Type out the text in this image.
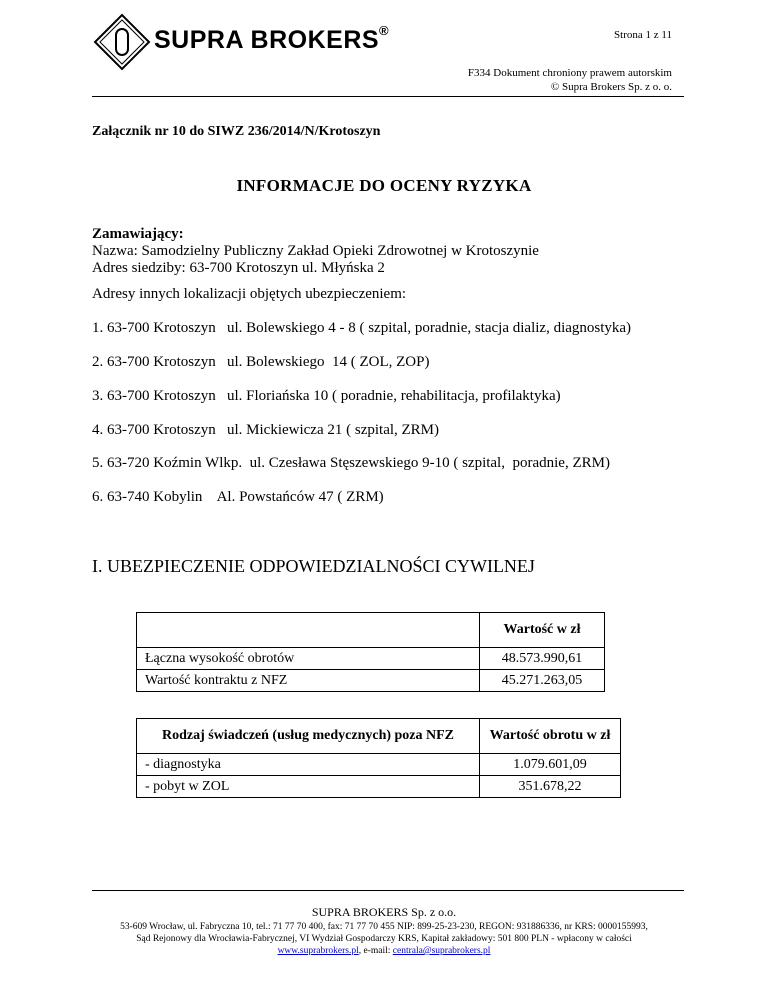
SUPRA BROKERS®	Strona 1 z 11
F334 Dokument chroniony prawem autorskim
© Supra Brokers Sp. z o. o.
Załącznik nr 10 do SIWZ 236/2014/N/Krotoszyn
INFORMACJE DO OCENY RYZYKA
Zamawiający:
Nazwa: Samodzielny Publiczny Zakład Opieki Zdrowotnej w Krotoszynie
Adres siedziby: 63-700 Krotoszyn ul. Młyńska 2
Adresy innych lokalizacji objętych ubezpieczeniem:
1. 63-700 Krotoszyn   ul. Bolewskiego 4 - 8 ( szpital, poradnie, stacja dializ, diagnostyka)
2. 63-700 Krotoszyn   ul. Bolewskiego  14 ( ZOL, ZOP)
3. 63-700 Krotoszyn   ul. Floriańska 10 ( poradnie, rehabilitacja, profilaktyka)
4. 63-700 Krotoszyn   ul. Mickiewicza 21 ( szpital, ZRM)
5. 63-720 Koźmin Wlkp.  ul. Czesława Stęszewskiego 9-10 ( szpital,  poradnie, ZRM)
6. 63-740 Kobylin    Al. Powstańców 47 ( ZRM)
I. UBEZPIECZENIE ODPOWIEDZIALNOŚCI CYWILNEJ
	Wartość w zł
Łączna wysokość obrotów	48.573.990,61
Wartość kontraktu z NFZ	45.271.263,05
Rodzaj świadczeń (usług medycznych) poza NFZ	Wartość obrotu w zł
- diagnostyka	1.079.601,09
- pobyt w ZOL	351.678,22
SUPRA BROKERS Sp. z o.o.
53-609 Wrocław, ul. Fabryczna 10, tel.: 71 77 70 400, fax: 71 77 70 455 NIP: 899-25-23-230, REGON: 931886336, nr KRS: 0000155993,
Sąd Rejonowy dla Wrocławia-Fabrycznej, VI Wydział Gospodarczy KRS, Kapitał zakładowy: 501 800 PLN - wpłacony w całości
www.suprabrokers.pl, e-mail: centrala@suprabrokers.pl
